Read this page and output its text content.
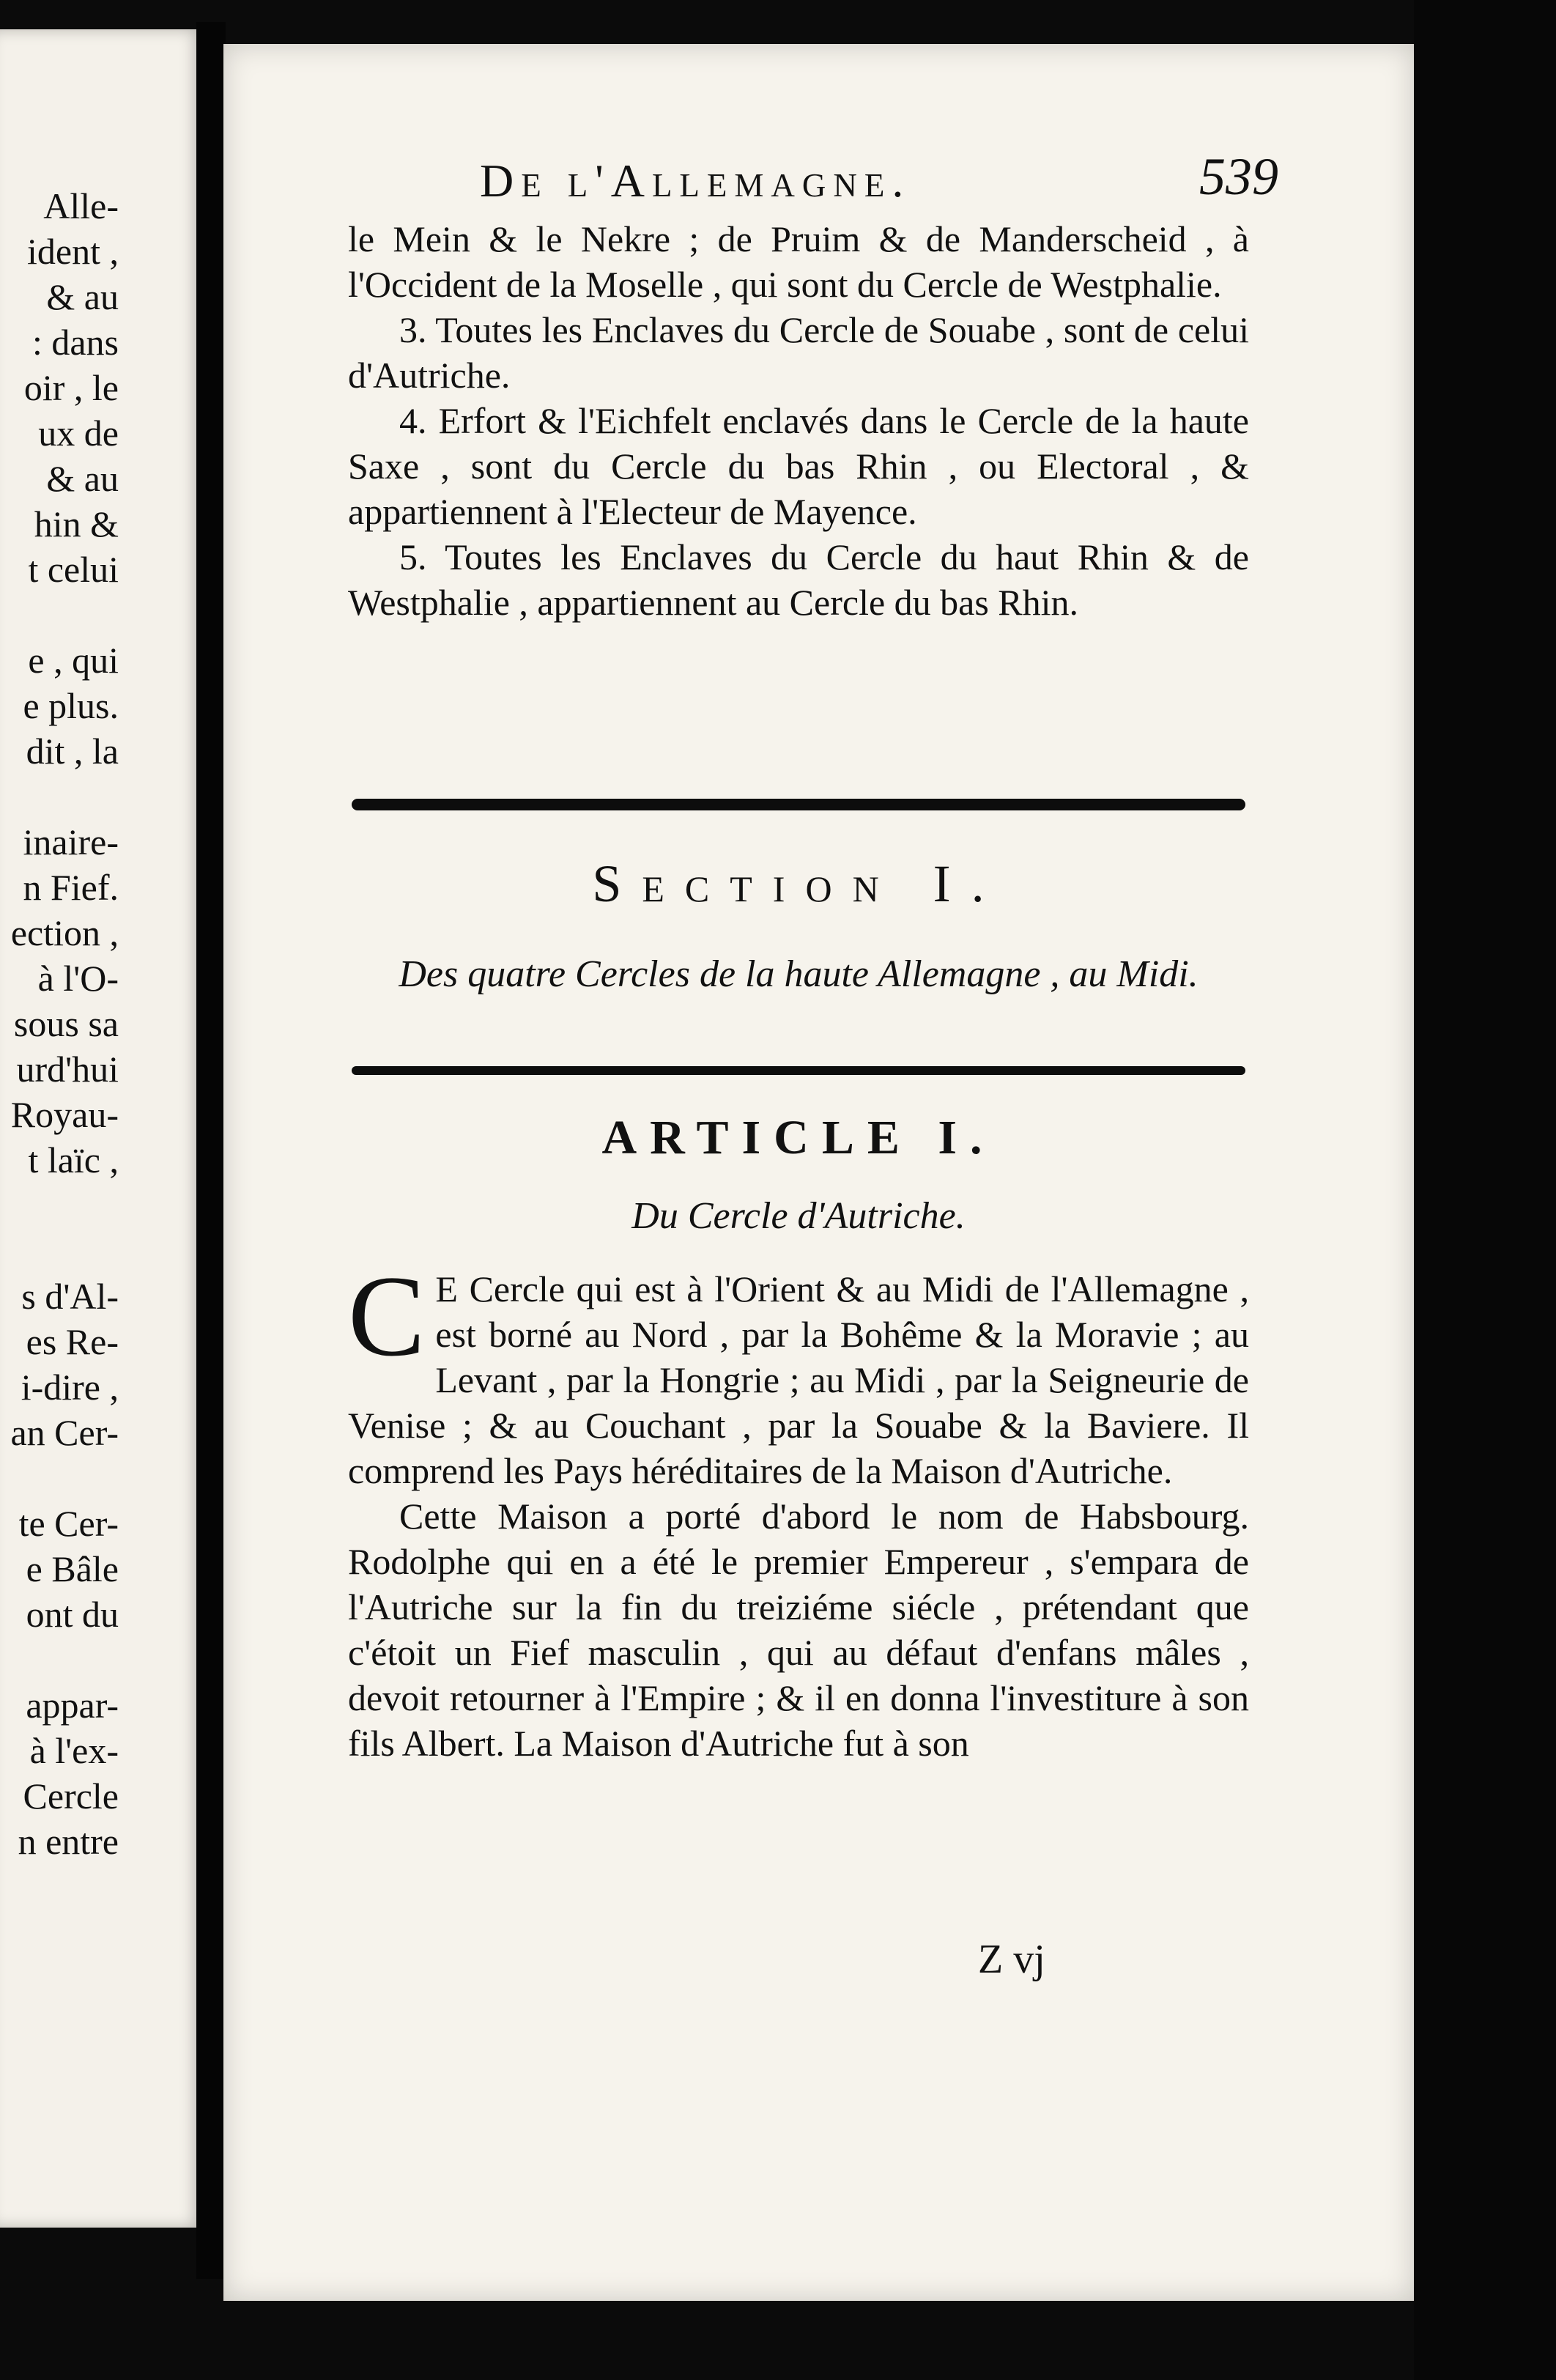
Alle-
ident ,
& au
: dans
oir , le
ux de
& au
hin &
t celui
e , qui
e plus.
dit , la
inaire-
n Fief.
ection ,
à l'O-
sous sa
urd'hui
Royau-
t laïc ,
s d'Al-
es Re-
i-dire ,
an Cer-
te Cer-
e Bâle
ont du
appar-
à l'ex-
Cercle
n entre
De l'Allemagne.	539

le Mein & le Nekre ; de Pruim & de Manderscheid , à l'Occident de la Moselle , qui sont du Cercle de Westphalie.

3. Toutes les Enclaves du Cercle de Souabe , sont de celui d'Autriche.

4. Erfort & l'Eichfelt enclavés dans le Cercle de la haute Saxe , sont du Cercle du bas Rhin , ou Electoral , & appartiennent à l'Electeur de Mayence.

5. Toutes les Enclaves du Cercle du haut Rhin & de Westphalie , appartiennent au Cercle du bas Rhin.

Section I.
Des quatre Cercles de la haute Allemagne , au Midi.
ARTICLE I.
Du Cercle d'Autriche.

C E Cercle qui est à l'Orient & au Midi de l'Allemagne , est borné au Nord , par la Bohême & la Moravie ; au Levant , par la Hongrie ; au Midi , par la Seigneurie de Venise ; & au Couchant , par la Souabe & la Baviere. Il comprend les Pays héréditaires de la Maison d'Autriche.

Cette Maison a porté d'abord le nom de Habsbourg. Rodolphe qui en a été le premier Empereur , s'empara de l'Autriche sur la fin du treiziéme siécle , prétendant que c'étoit un Fief masculin , qui au défaut d'enfans mâles , devoit retourner à l'Empire ; & il en donna l'investiture à son fils Albert. La Maison d'Autriche fut à son

Z vj
